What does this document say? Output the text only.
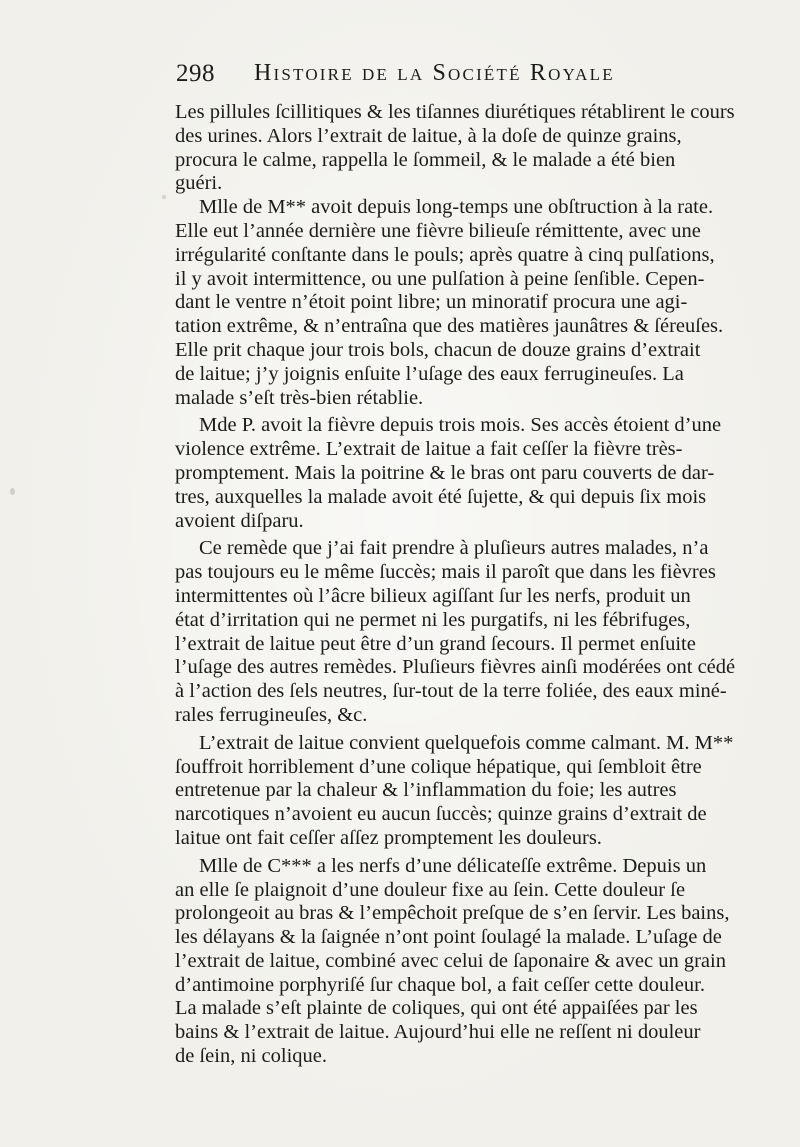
298 Histoire de la Société Royale
Les pillules ſcillitiques & les tiſannes diurétiques rétablirent le cours
des urines. Alors l’extrait de laitue, à la doſe de quinze grains,
procura le calme, rappella le ſommeil, & le malade a été bien
guéri.
Mlle de M** avoit depuis long-temps une obſtruction à la rate.
Elle eut l’année dernière une fièvre bilieuſe rémittente, avec une
irrégularité conſtante dans le pouls; après quatre à cinq pulſations,
il y avoit intermittence, ou une pulſation à peine ſenſible. Cepen-
dant le ventre n’étoit point libre; un minoratif procura une agi-
tation extrême, & n’entraîna que des matières jaunâtres & ſéreuſes.
Elle prit chaque jour trois bols, chacun de douze grains d’extrait
de laitue; j’y joignis enſuite l’uſage des eaux ferrugineuſes. La
malade s’eſt très-bien rétablie.
Mde P. avoit la fièvre depuis trois mois. Ses accès étoient d’une
violence extrême. L’extrait de laitue a fait ceſſer la fièvre très-
promptement. Mais la poitrine & le bras ont paru couverts de dar-
tres, auxquelles la malade avoit été ſujette, & qui depuis ſix mois
avoient diſparu.
Ce remède que j’ai fait prendre à pluſieurs autres malades, n’a
pas toujours eu le même ſuccès; mais il paroît que dans les fièvres
intermittentes où l’âcre bilieux agiſſant ſur les nerfs, produit un
état d’irritation qui ne permet ni les purgatifs, ni les fébrifuges,
l’extrait de laitue peut être d’un grand ſecours. Il permet enſuite
l’uſage des autres remèdes. Pluſieurs fièvres ainſi modérées ont cédé
à l’action des ſels neutres, ſur-tout de la terre foliée, des eaux miné-
rales ferrugineuſes, &c.
L’extrait de laitue convient quelquefois comme calmant. M. M**
ſouffroit horriblement d’une colique hépatique, qui ſembloit être
entretenue par la chaleur & l’inflammation du foie; les autres
narcotiques n’avoient eu aucun ſuccès; quinze grains d’extrait de
laitue ont fait ceſſer aſſez promptement les douleurs.
Mlle de C*** a les nerfs d’une délicateſſe extrême. Depuis un
an elle ſe plaignoit d’une douleur fixe au ſein. Cette douleur ſe
prolongeoit au bras & l’empêchoit preſque de s’en ſervir. Les bains,
les délayans & la ſaignée n’ont point ſoulagé la malade. L’uſage de
l’extrait de laitue, combiné avec celui de ſaponaire & avec un grain
d’antimoine porphyriſé ſur chaque bol, a fait ceſſer cette douleur.
La malade s’eſt plainte de coliques, qui ont été appaiſées par les
bains & l’extrait de laitue. Aujourd’hui elle ne reſſent ni douleur
de ſein, ni colique.
